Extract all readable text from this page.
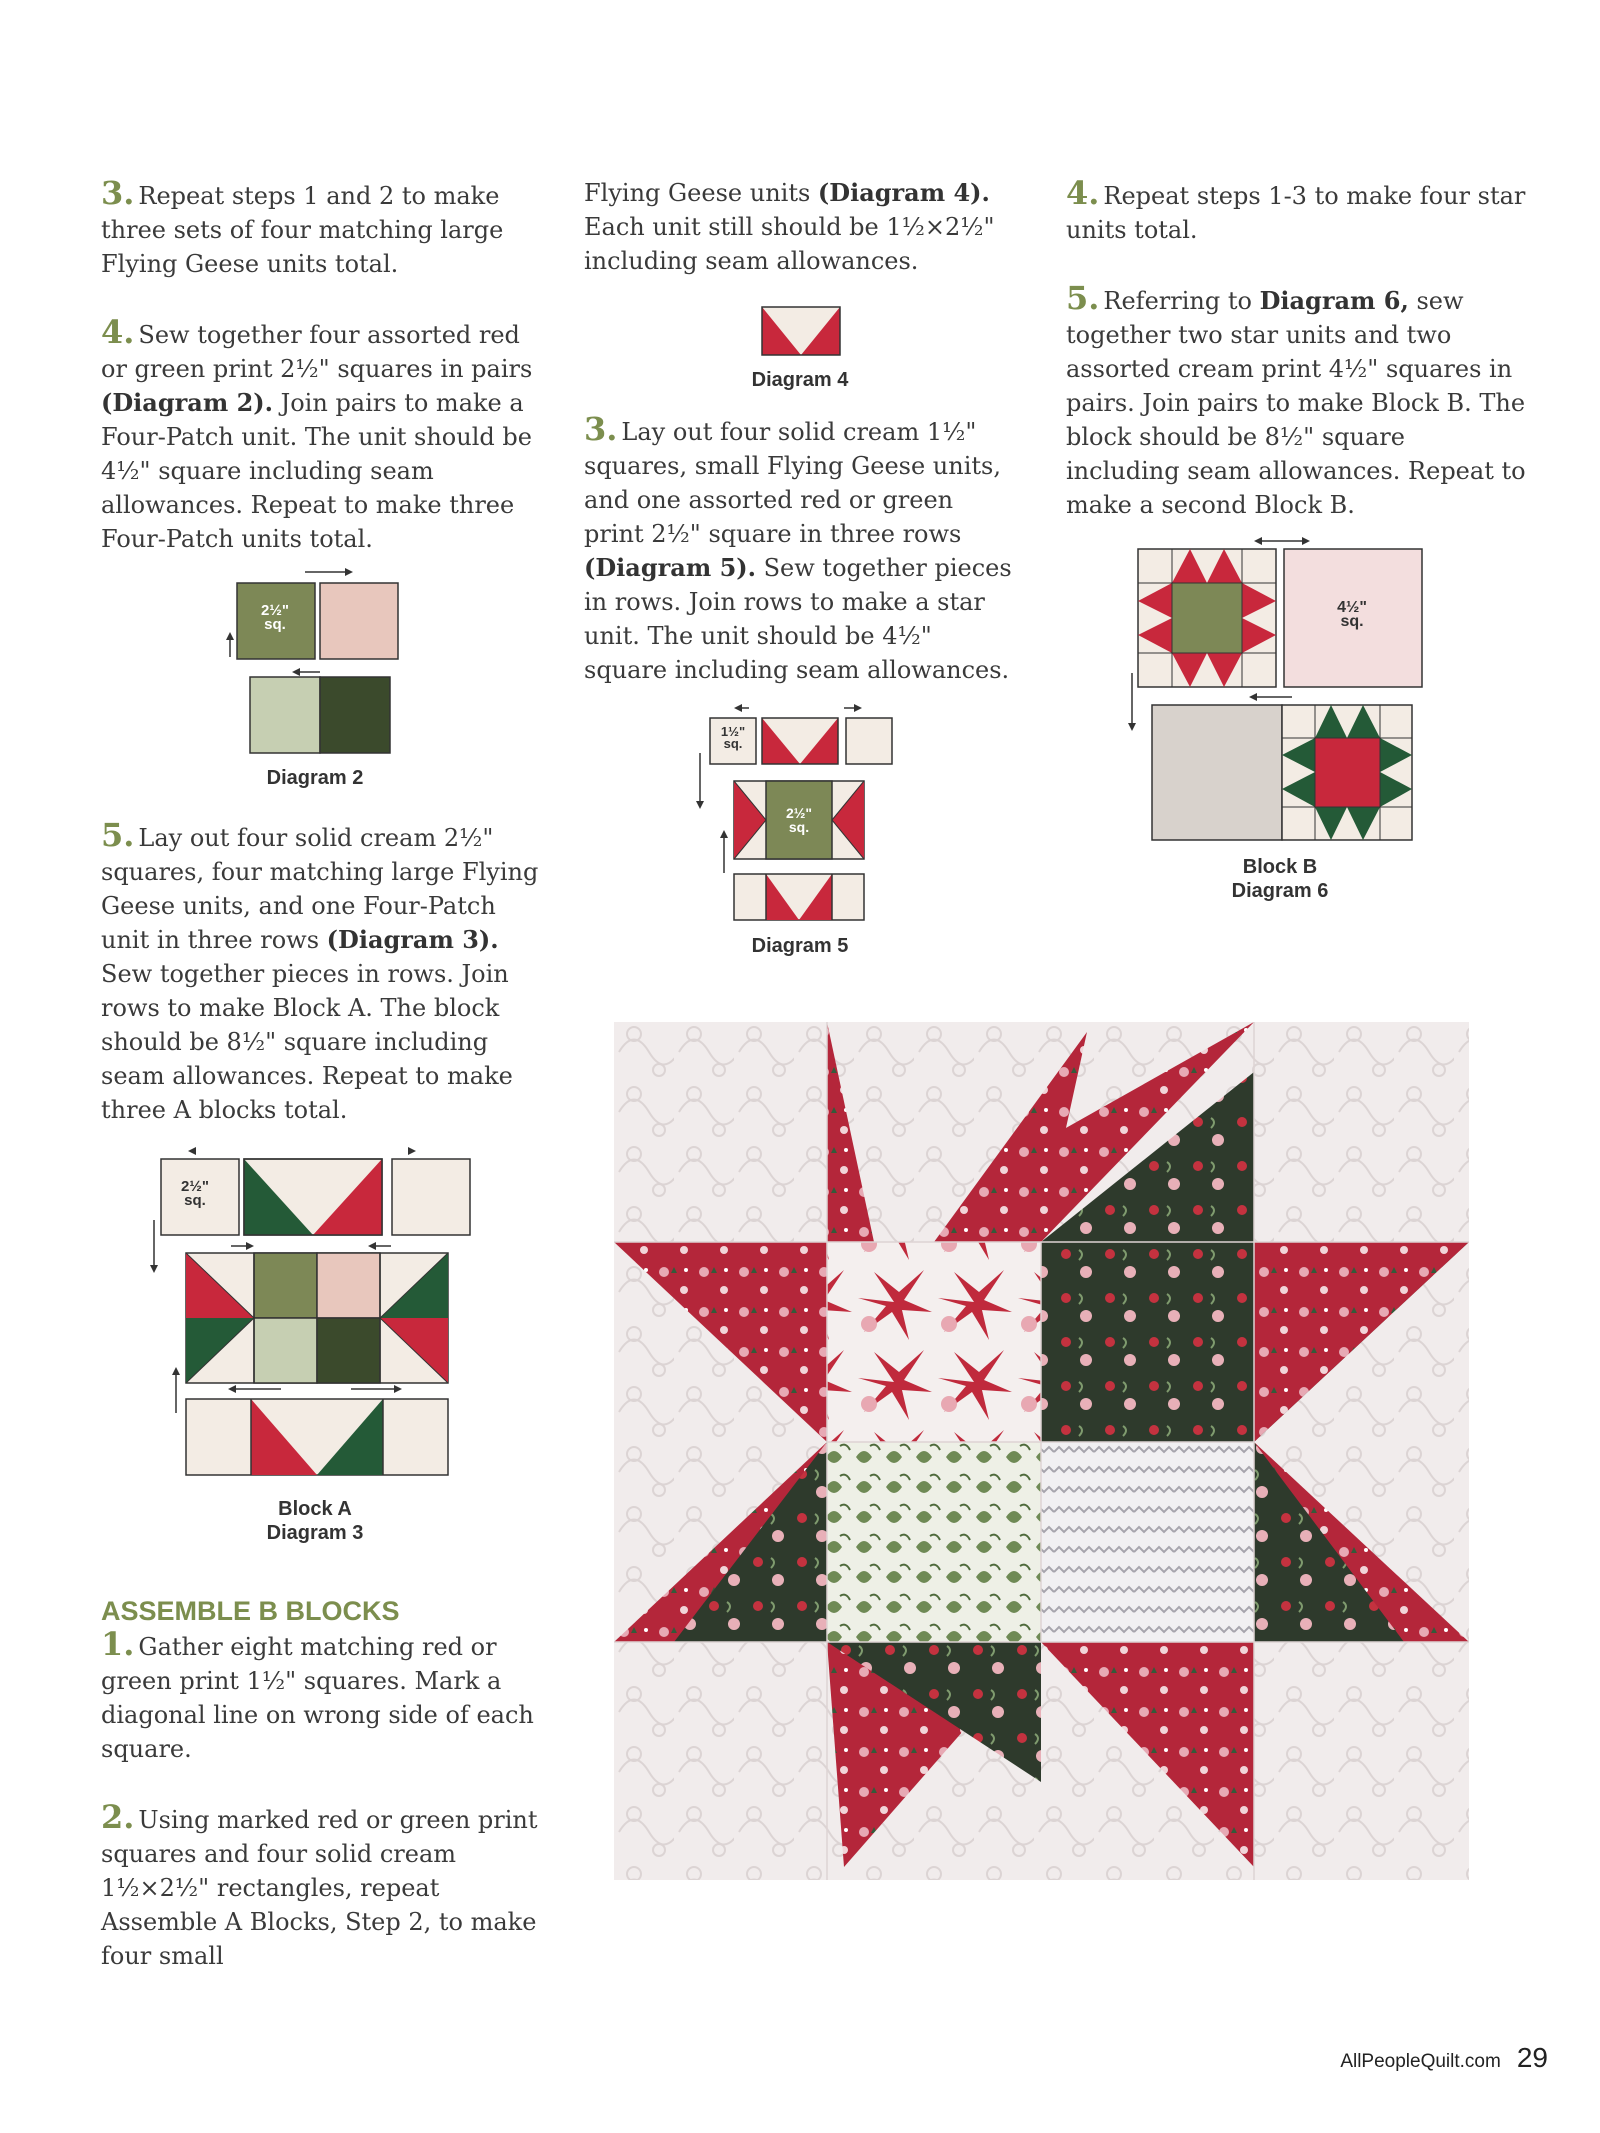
3. Repeat steps 1 and 2 to make three sets of four matching large Flying Geese units total.

4. Sew together four assorted red or green print 2½" squares in pairs (Diagram 2). Join pairs to make a Four-Patch unit. The unit should be 4½" square including seam allowances. Repeat to make three Four-Patch units total.

2½"
sq.
Diagram 2

5. Lay out four solid cream 2½" squares, four matching large Flying Geese units, and one Four-Patch unit in three rows (Diagram 3). Sew together pieces in rows. Join rows to make Block A. The block should be 8½" square including seam allowances. Repeat to make three A blocks total.

2½"
sq.
Block A
Diagram 3
ASSEMBLE B BLOCKS

1. Gather eight matching red or green print 1½" squares. Mark a diagonal line on wrong side of each square.

2. Using marked red or green print squares and four solid cream 1½×2½" rectangles, repeat Assemble A Blocks, Step 2, to make four small

Flying Geese units (Diagram 4). Each unit still should be 1½×2½" including seam allowances.

Diagram 4

3. Lay out four solid cream 1½" squares, small Flying Geese units, and one assorted red or green print 2½" square in three rows (Diagram 5). Sew together pieces in rows. Join rows to make a star unit. The unit should be 4½" square including seam allowances.

1½"
sq.
2½"
sq.
Diagram 5

4. Repeat steps 1-3 to make four star units total.

5. Referring to Diagram 6, sew together two star units and two assorted cream print 4½" squares in pairs. Join pairs to make Block B. The block should be 8½" square including seam allowances. Repeat to make a second Block B.

4½"
sq.
Block B
Diagram 6
AllPeopleQuilt.com 29
